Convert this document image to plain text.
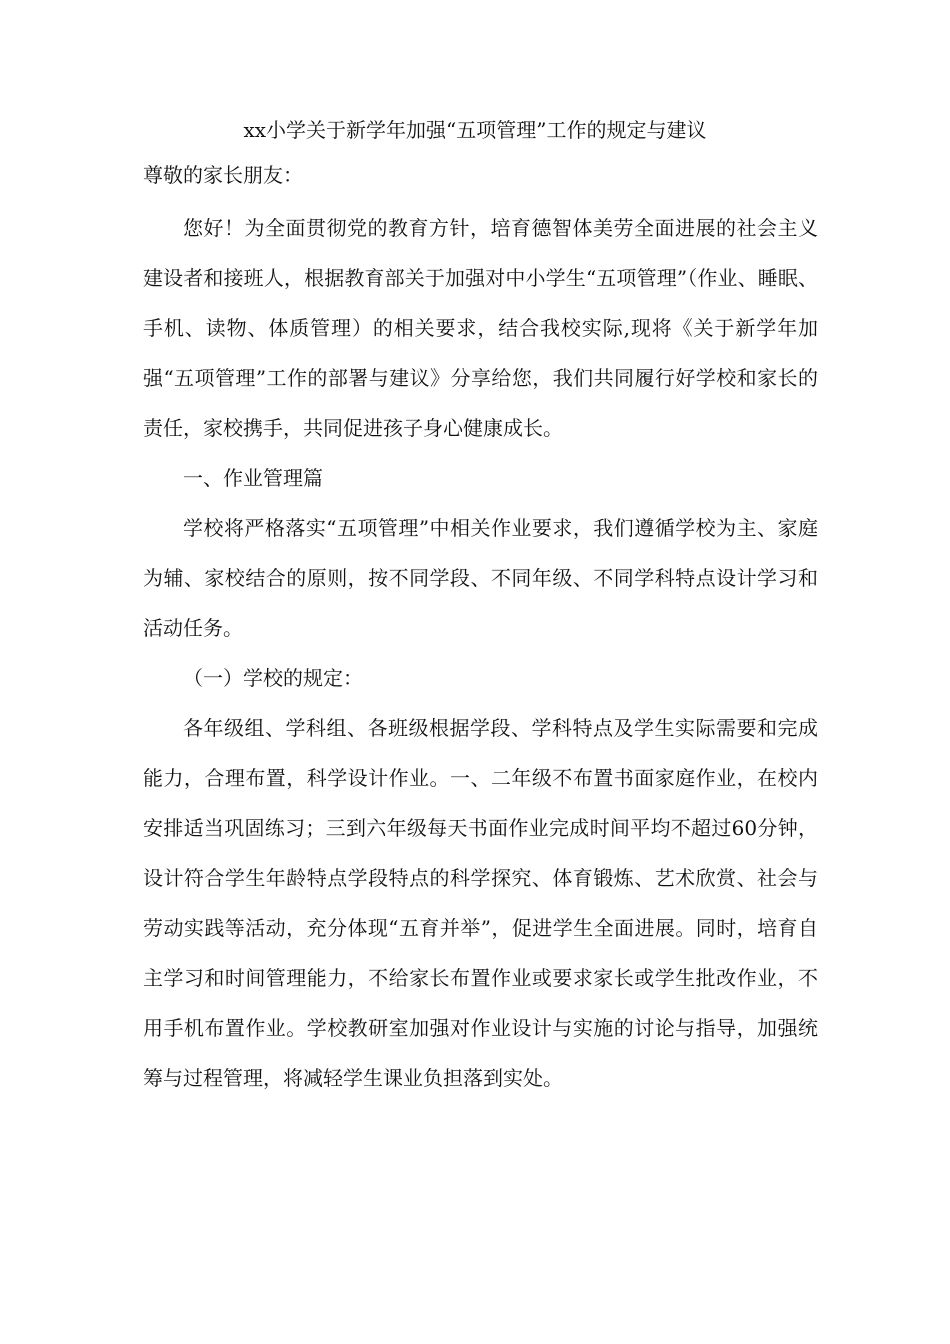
xx小学关于新学年加强“五项管理”工作的规定与建议
尊敬的家长朋友：

您好！为全面贯彻党的教育方针，培育德智体美劳全面进展的社会主义建设者和接班人，根据教育部关于加强对中小学生“五项管理”（作业、睡眠、手机、读物、体质管理）的相关要求，结合我校实际,现将《关于新学年加强“五项管理”工作的部署与建议》分享给您，我们共同履行好学校和家长的责任，家校携手，共同促进孩子身心健康成长。

一、作业管理篇

学校将严格落实“五项管理”中相关作业要求，我们遵循学校为主、家庭为辅、家校结合的原则，按不同学段、不同年级、不同学科特点设计学习和活动任务。

（一）学校的规定：

各年级组、学科组、各班级根据学段、学科特点及学生实际需要和完成能力，合理布置，科学设计作业。一、二年级不布置书面家庭作业，在校内安排适当巩固练习；三到六年级每天书面作业完成时间平均不超过60分钟，设计符合学生年龄特点学段特点的科学探究、体育锻炼、艺术欣赏、社会与劳动实践等活动，充分体现“五育并举”，促进学生全面进展。同时，培育自主学习和时间管理能力，不给家长布置作业或要求家长或学生批改作业，不用手机布置作业。学校教研室加强对作业设计与实施的讨论与指导，加强统筹与过程管理，将减轻学生课业负担落到实处。
